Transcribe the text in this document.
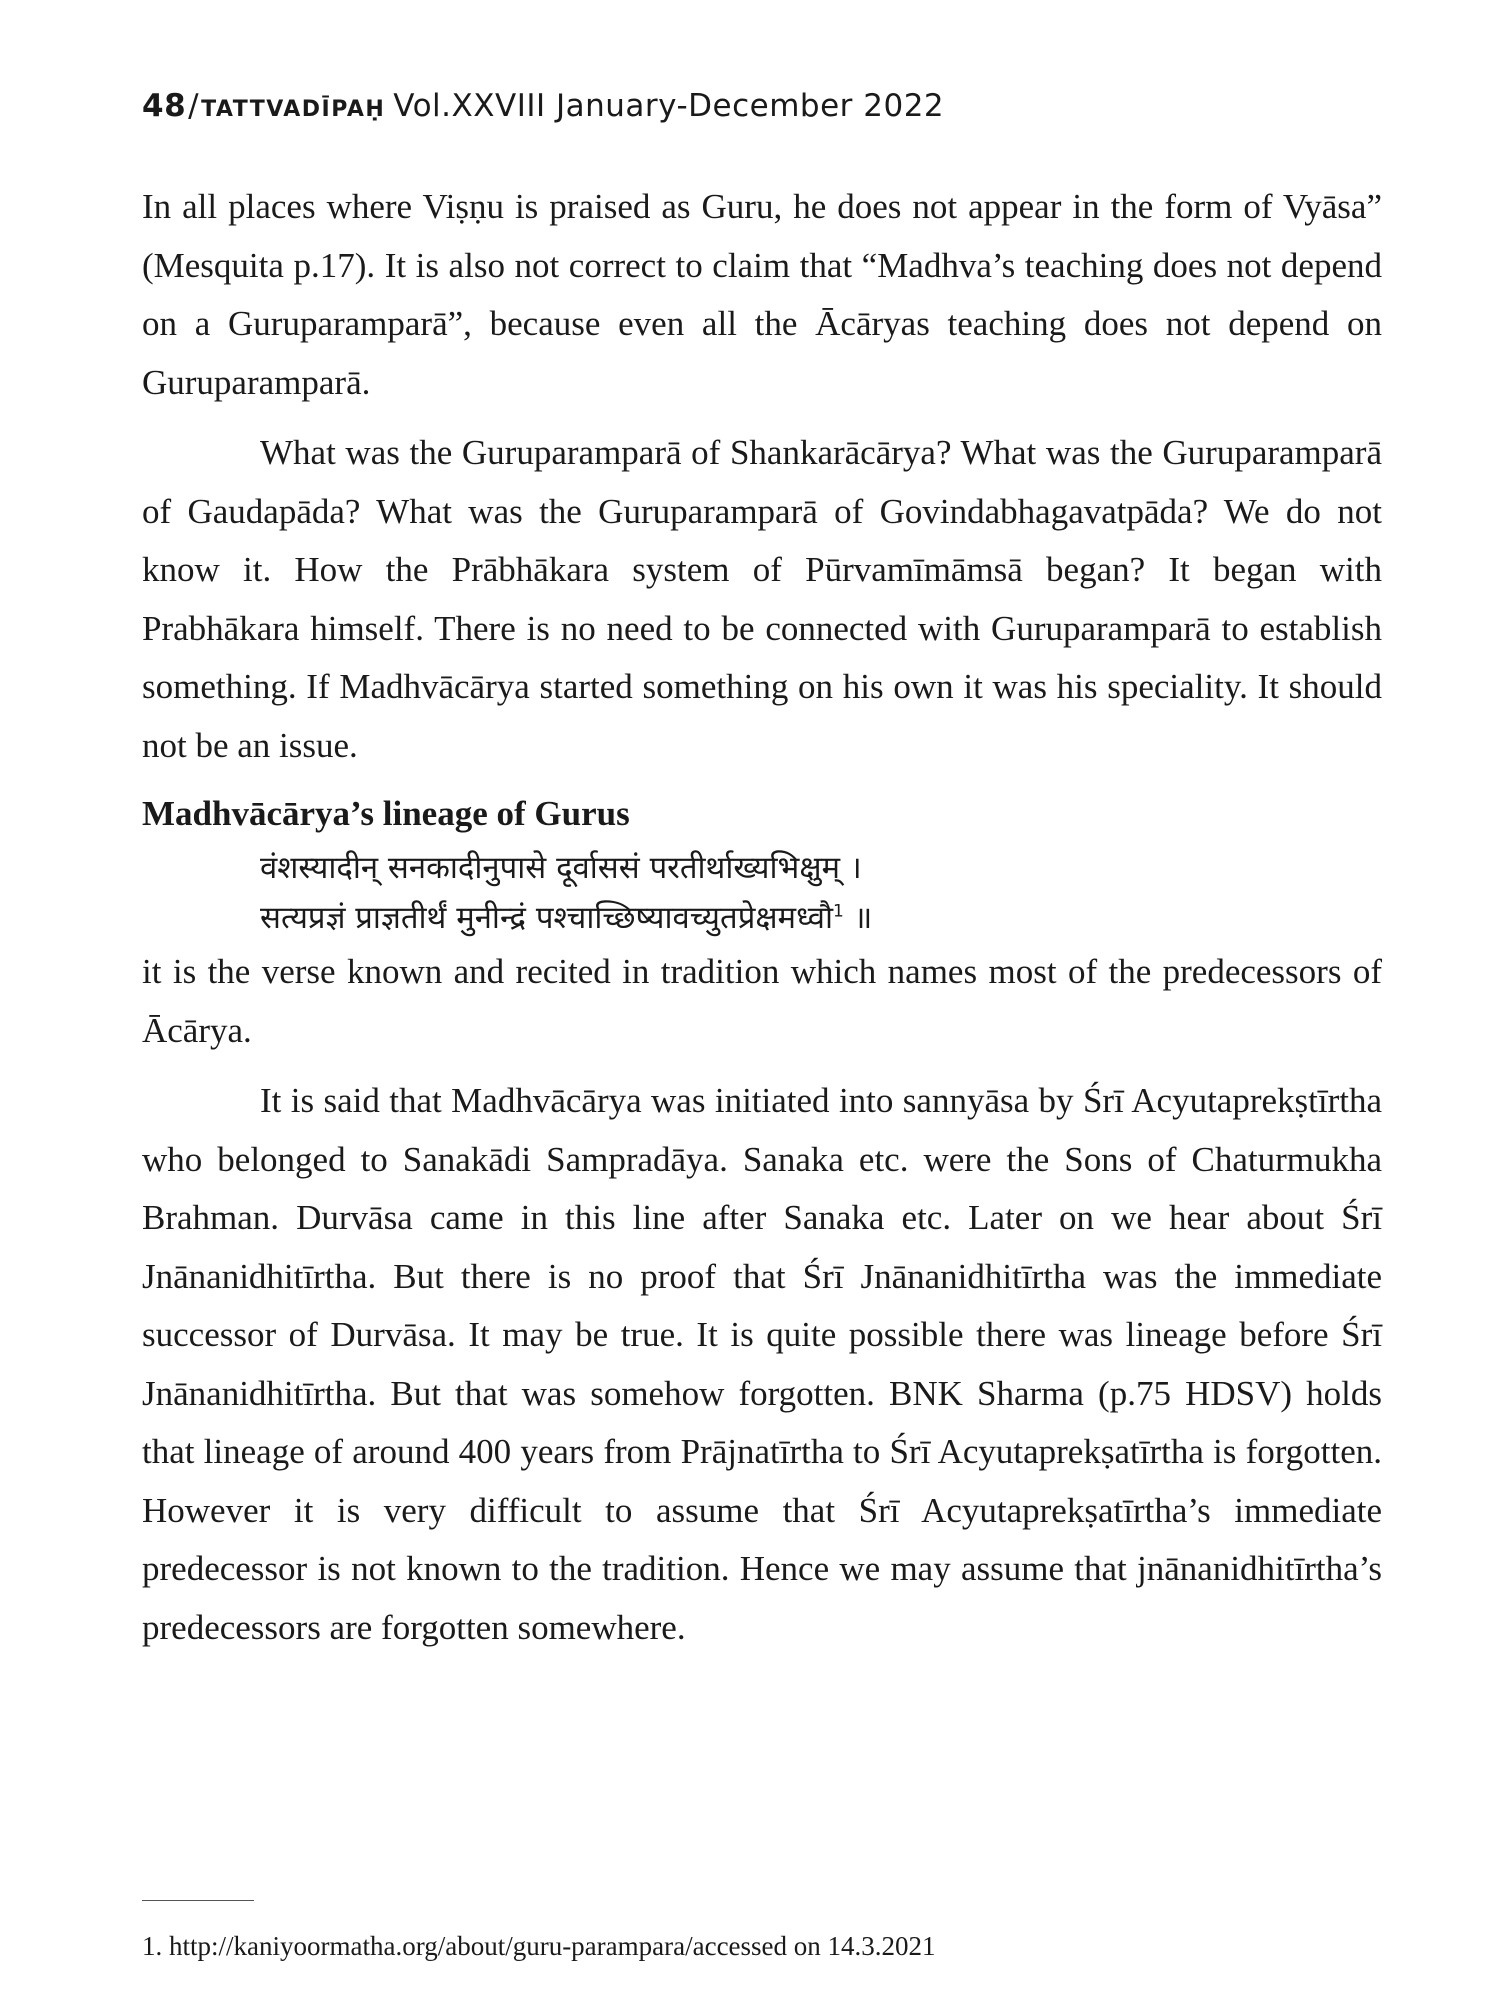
48/TATTVADĪPAḤ Vol.XXVIII January-December 2022

In all places where Viṣṇu is praised as Guru, he does not appear in the form of Vyāsa” (Mesquita p.17). It is also not correct to claim that “Madhva’s teaching does not depend on a Guruparamparā”, because even all the Ācāryas teaching does not depend on Guruparamparā.

What was the Guruparamparā of Shankarācārya? What was the Guruparamparā of Gaudapāda? What was the Guruparamparā of Govindabhagavatpāda? We do not know it. How the Prābhākara system of Pūrvamīmāmsā began? It began with Prabhākara himself. There is no need to be connected with Guruparamparā to establish something. If Madhvācārya started something on his own it was his speciality. It should not be an issue.

Madhvācārya’s lineage of Gurus
वंशस्यादीन् सनकादीनुपासे दूर्वाससं परतीर्थाख्यभिक्षुम् ।
सत्यप्रज्ञं प्राज्ञतीर्थं मुनीन्द्रं पश्चाच्छिष्यावच्युतप्रेक्षमध्वौ$^1$ ॥

it is the verse known and recited in tradition which names most of the predecessors of Ācārya.

It is said that Madhvācārya was initiated into sannyāsa by Śrī Acyutaprekṣtīrtha who belonged to Sanakādi Sampradāya. Sanaka etc. were the Sons of Chaturmukha Brahman. Durvāsa came in this line after Sanaka etc. Later on we hear about Śrī Jnānanidhitīrtha. But there is no proof that Śrī Jnānanidhitīrtha was the immediate successor of Durvāsa. It may be true. It is quite possible there was lineage before Śrī Jnānanidhitīrtha. But that was somehow forgotten. BNK Sharma (p.75 HDSV) holds that lineage of around 400 years from Prājnatīrtha to Śrī Acyutaprekṣatīrtha is forgotten. However it is very difficult to assume that Śrī Acyutaprekṣatīrtha’s immediate predecessor is not known to the tradition. Hence we may assume that jnānanidhitīrtha’s predecessors are forgotten somewhere.

1. http://kaniyoormatha.org/about/guru-parampara/accessed on 14.3.2021
